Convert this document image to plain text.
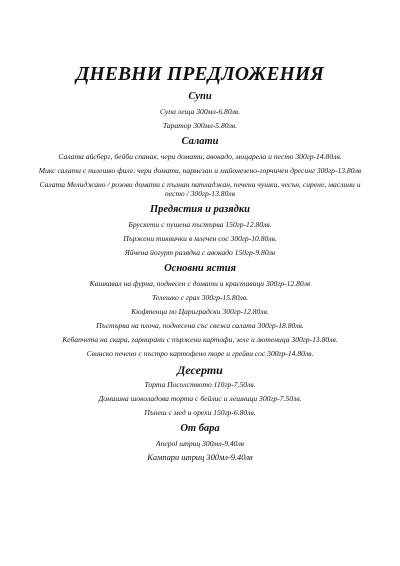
ДНЕВНИ ПРЕДЛОЖЕНИЯ
Супи
Супа леща 300мл-6.80лв.
Таратор 300мл-5.80лв.
Салати
Салата айсберг, бейби спанак, черu домати, авокадо, моцарела и песто 300гр-14.80лв.
Микс салати с пилешко филе, черu домати, пармезан и майонезено-горчичен дресинг 300гр-13.80лв
Салата Мелиджано / розови домати с пълнан патладжан, печени чушки, чесън, сирене, маслини и песто / 300гр-13.80лв
Предястия и разядки
Брускети с пушена пъстърва 150гр-12.80лв.
Пържени тиквички в млечен сос 300гр-10.80лв.
Яйчена йогурт разядка с авокадо 150гр-9.80лв
Основни ястия
Кашкавал на фурна, поднесен с домати и краставици 300гр-12.80лв
Телешко с грах 300гр-15.80лв.
Кюфтенца по Цариградски 300гр-12.80лв.
Пъстърва на плоча, поднесена със свежа салата 300гр-18.80лв.
Кебапчета на скара, гарнирани с пържени картофи, зеле и лютеница 300гр-13.80лв.
Свинско печено с пъстро картофено пюре и грейви сос 300гр-14.80лв.
Десерти
Торта Посолството 110гр-7.50лв.
Домашна шоколадова торта с бейлис и лешници 300гр-7.50лв.
Пъпеш с мед и орехи 150гр-6.80лв.
От бара
Апероl шприц 300мл-9.40лв
Кампари шприц 300мл-9.40лв
